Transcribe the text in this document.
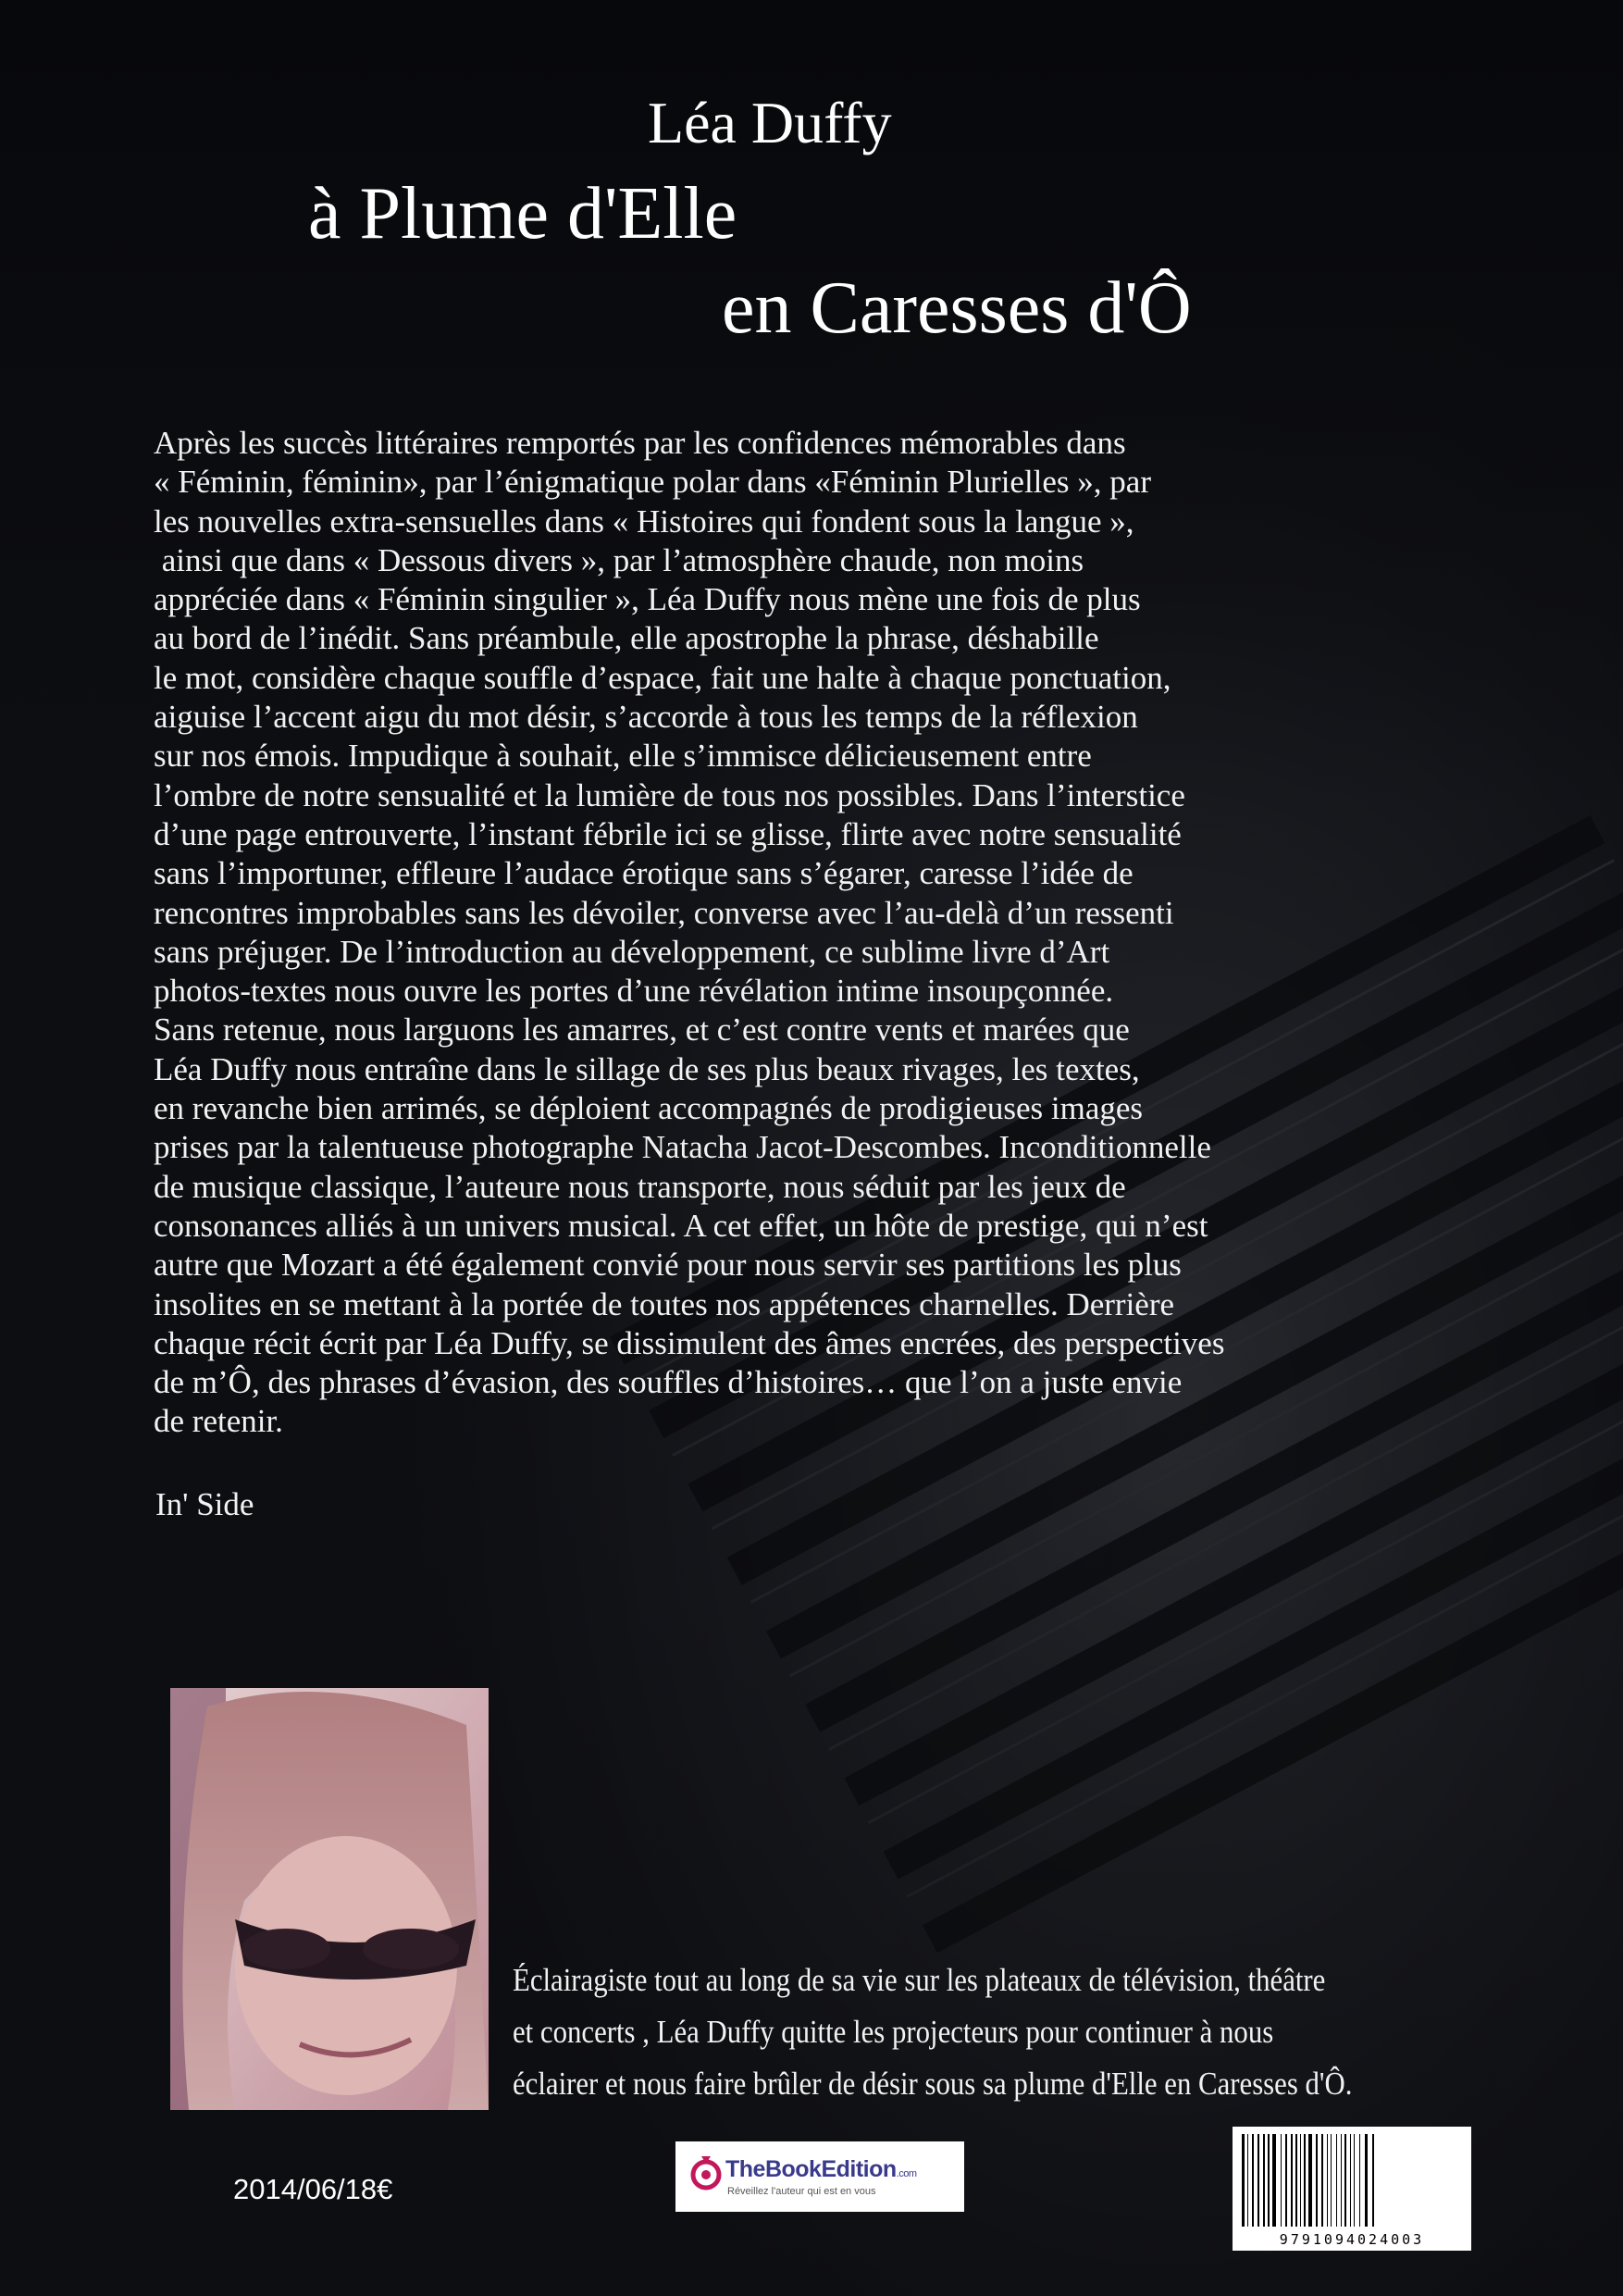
Léa Duffy
à Plume d'Elle
en Caresses d'Ô
Après les succès littéraires remportés par les confidences mémorables dans
« Féminin, féminin», par l’énigmatique polar dans «Féminin Plurielles », par
les nouvelles extra-sensuelles dans « Histoires qui fondent sous la langue »,
ainsi que dans « Dessous divers », par l’atmosphère chaude, non moins
appréciée dans « Féminin singulier », Léa Duffy nous mène une fois de plus
au bord de l’inédit. Sans préambule, elle apostrophe la phrase, déshabille
le mot, considère chaque souffle d’espace, fait une halte à chaque ponctuation,
aiguise l’accent aigu du mot désir, s’accorde à tous les temps de la réflexion
sur nos émois. Impudique à souhait, elle s’immisce délicieusement entre
l’ombre de notre sensualité et la lumière de tous nos possibles. Dans l’interstice
d’une page entrouverte, l’instant fébrile ici se glisse, flirte avec notre sensualité
sans l’importuner, effleure l’audace érotique sans s’égarer, caresse l’idée de
rencontres improbables sans les dévoiler, converse avec l’au-delà d’un ressenti
sans préjuger. De l’introduction au développement, ce sublime livre d’Art
photos-textes nous ouvre les portes d’une révélation intime insoupçonnée.
Sans retenue, nous larguons les amarres, et c’est contre vents et marées que
Léa Duffy nous entraîne dans le sillage de ses plus beaux rivages, les textes,
en revanche bien arrimés, se déploient accompagnés de prodigieuses images
prises par la talentueuse photographe Natacha Jacot-Descombes. Inconditionnelle
de musique classique, l’auteure nous transporte, nous séduit par les jeux de
consonances alliés à un univers musical. A cet effet, un hôte de prestige, qui n’est
autre que Mozart a été également convié pour nous servir ses partitions les plus
insolites en se mettant à la portée de toutes nos appétences charnelles. Derrière
chaque récit écrit par Léa Duffy, se dissimulent des âmes encrées, des perspectives
de m’Ô, des phrases d’évasion, des souffles d’histoires… que l’on a juste envie
de retenir.
In' Side
Éclairagiste tout au long de sa vie sur les plateaux de télévision, théâtre
et concerts , Léa Duffy quitte les projecteurs pour continuer à nous
éclairer et nous faire brûler de désir sous sa plume d'Elle en Caresses d'Ô.
2014/06/18€
TheBookEdition.com
Réveillez l'auteur qui est en vous
9791094024003
